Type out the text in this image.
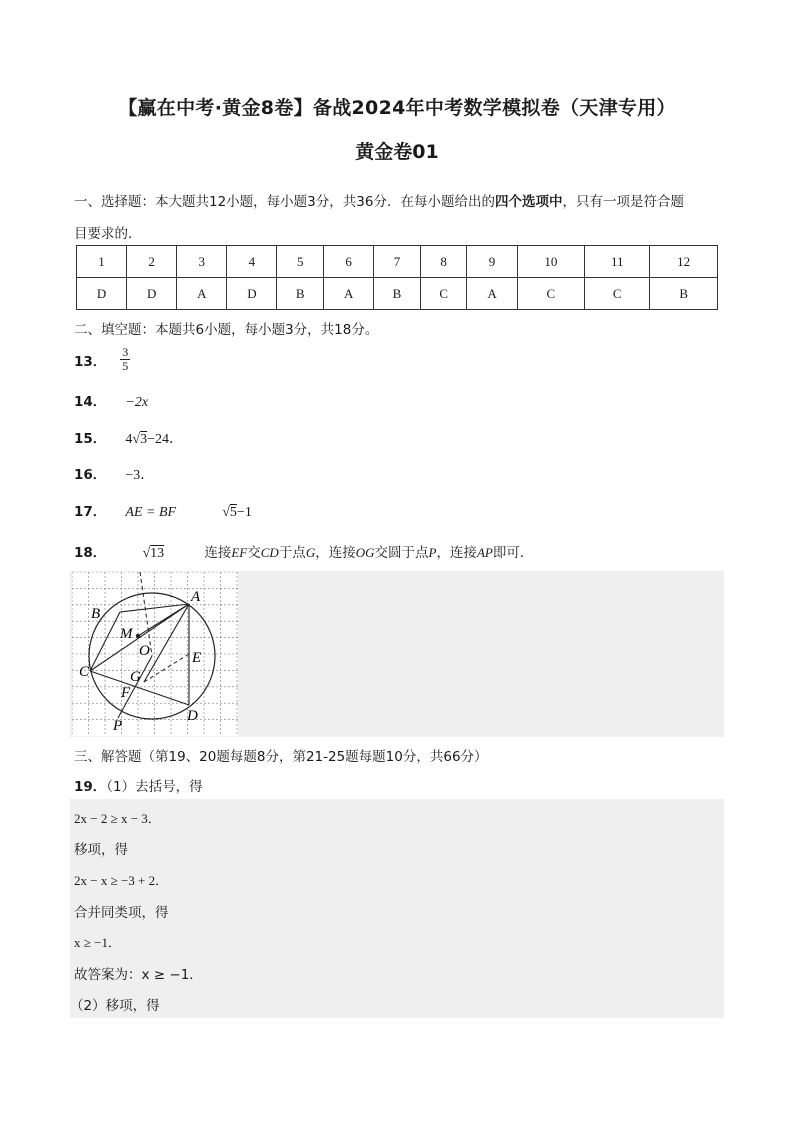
【赢在中考·黄金8卷】备战2024年中考数学模拟卷（天津专用）
黄金卷01
一、选择题：本大题共12小题，每小题3分，共36分．在每小题给出的四个选项中，只有一项是符合题
目要求的．
1	2	3	4	5	6	7	8	9	10	11	12
D	D	A	D	B	A	B	C	A	C	C	B
二、填空题：本题共6小题，每小题3分，共18分。
13． $\frac{3}{5}$
14． −2x
15． 4√3−24．
16． −3．
17． AE = BF	√5−1
18．	√13	连接EF交CD于点G，连接OG交圆于点P，连接AP即可．
A
B
C
D
E
F
G
M
O
P
三、解答题（第19、20题每题8分，第21-25题每题10分，共66分）
19．（1）去括号，得
2x − 2 ≥ x − 3．
移项，得
2x − x ≥ −3 + 2．
合并同类项，得
x ≥ −1．
故答案为：x ≥ −1．
（2）移项，得
